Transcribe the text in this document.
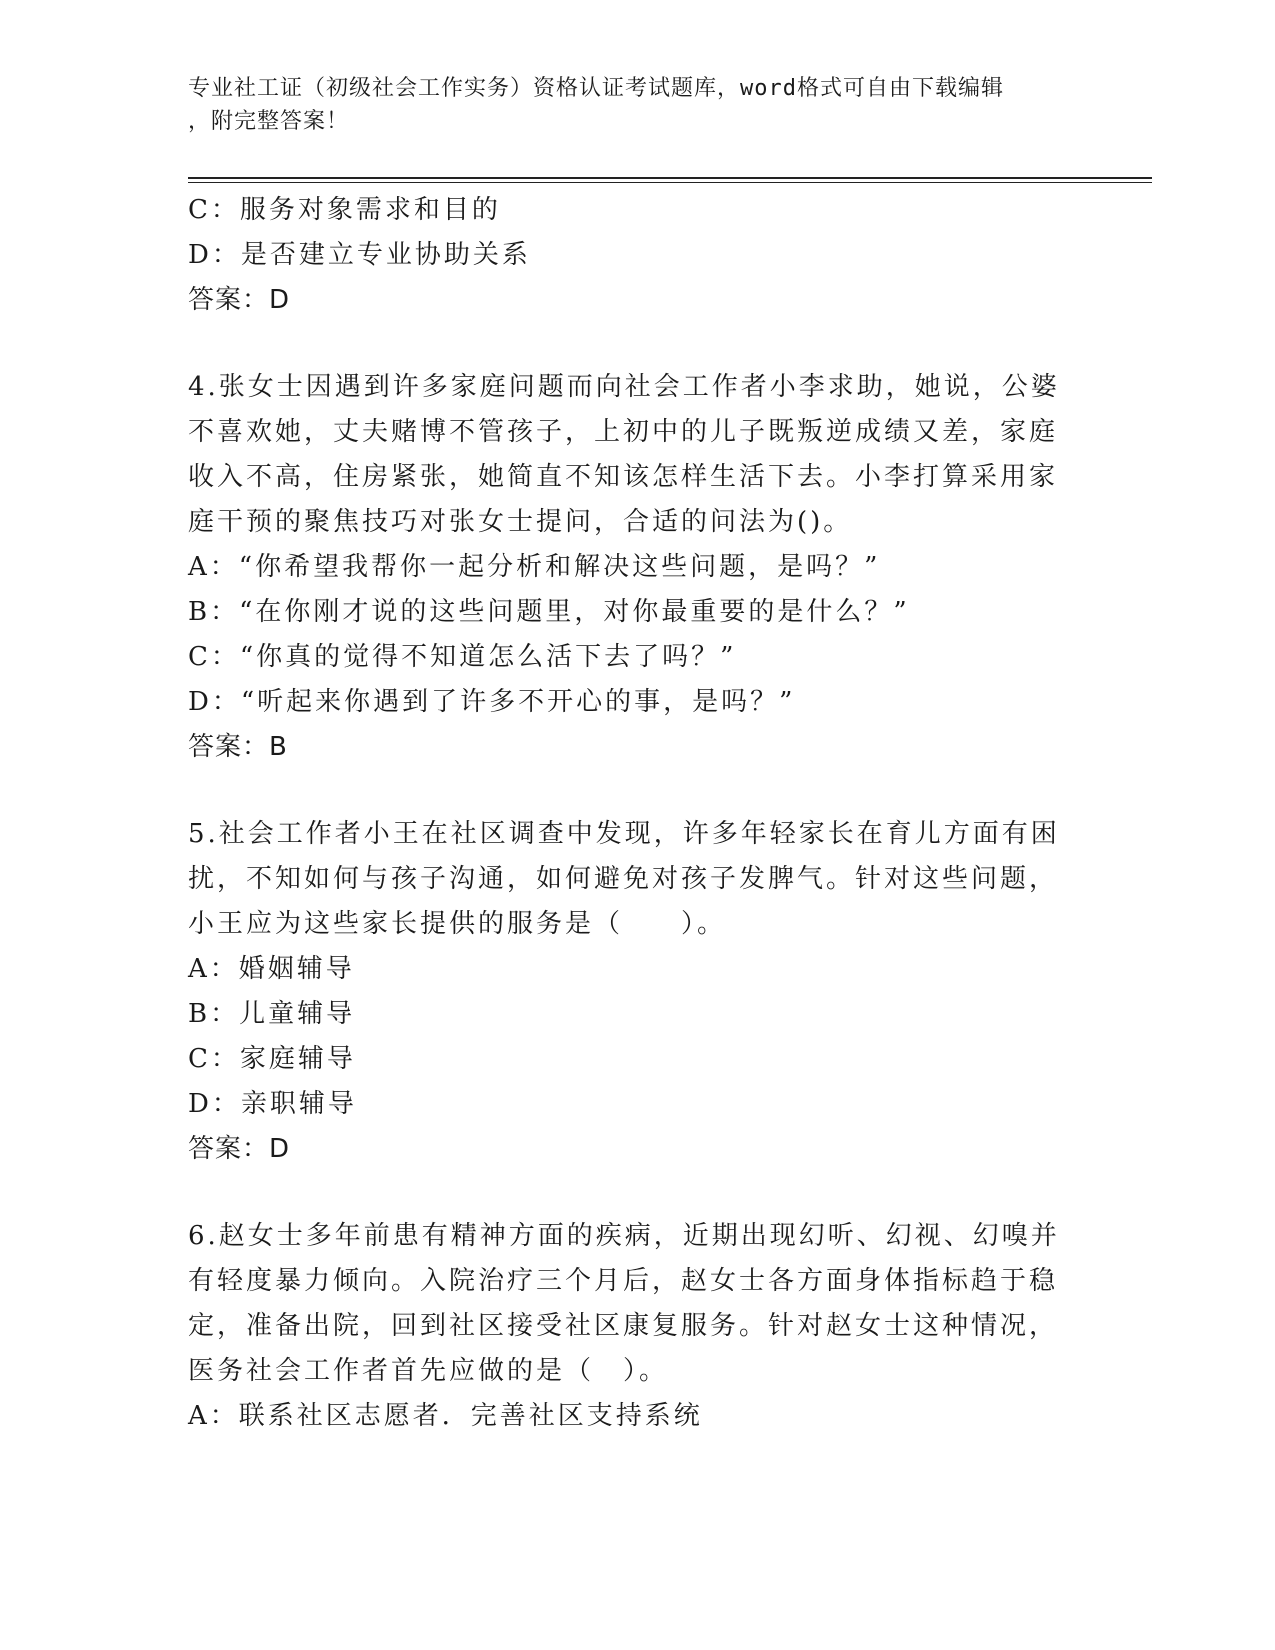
专业社工证（初级社会工作实务）资格认证考试题库，word格式可自由下载编辑
，附完整答案！
C：服务对象需求和目的
D：是否建立专业协助关系
答案：D
4.张女士因遇到许多家庭问题而向社会工作者小李求助，她说，公婆
不喜欢她，丈夫赌博不管孩子，上初中的儿子既叛逆成绩又差，家庭
收入不高，住房紧张，她简直不知该怎样生活下去。小李打算采用家
庭干预的聚焦技巧对张女士提问，合适的问法为()。
A：“你希望我帮你一起分析和解决这些问题，是吗？”
B：“在你刚才说的这些问题里，对你最重要的是什么？”
C：“你真的觉得不知道怎么活下去了吗？”
D：“听起来你遇到了许多不开心的事，是吗？”
答案：B
5.社会工作者小王在社区调查中发现，许多年轻家长在育儿方面有困
扰，不知如何与孩子沟通，如何避免对孩子发脾气。针对这些问题，
小王应为这些家长提供的服务是（　　）。
A：婚姻辅导
B：儿童辅导
C：家庭辅导
D：亲职辅导
答案：D
6.赵女士多年前患有精神方面的疾病，近期出现幻听、幻视、幻嗅并
有轻度暴力倾向。入院治疗三个月后，赵女士各方面身体指标趋于稳
定，准备出院，回到社区接受社区康复服务。针对赵女士这种情况，
医务社会工作者首先应做的是（　）。
A：联系社区志愿者．完善社区支持系统
